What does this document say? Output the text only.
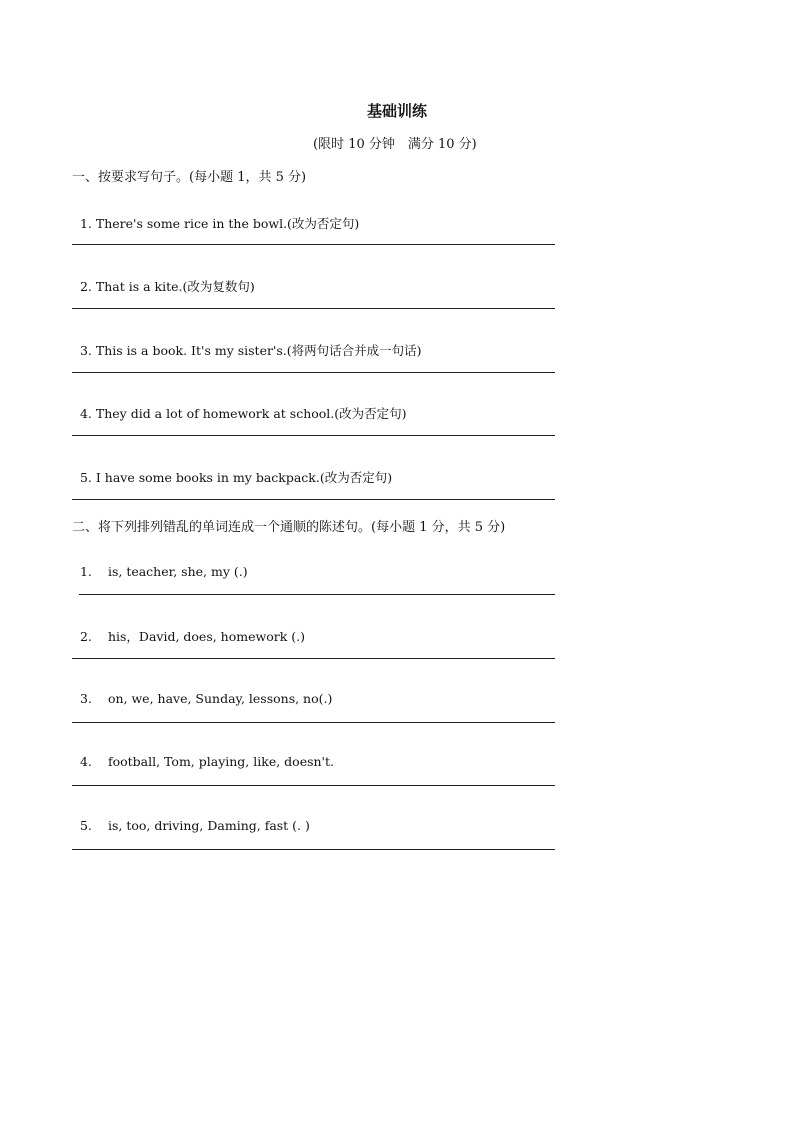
基础训练
(限时 10 分钟　满分 10 分)
一、按要求写句子。(每小题 1，共 5 分)

1. There's some rice in the bowl.(改为否定句)

2. That is a kite.(改为复数句)

3. This is a book. It's my sister's.(将两句话合并成一句话)

4. They did a lot of homework at school.(改为否定句)

5. I have some books in my backpack.(改为否定句)

二、将下列排列错乱的单词连成一个通顺的陈述句。(每小题 1 分，共 5 分)

1. is, teacher, she, my (.)

2. his，David, does, homework (.)

3. on, we, have, Sunday, lessons, no(.)

4. football, Tom, playing, like, doesn't.

5. is, too, driving, Daming, fast (. )
